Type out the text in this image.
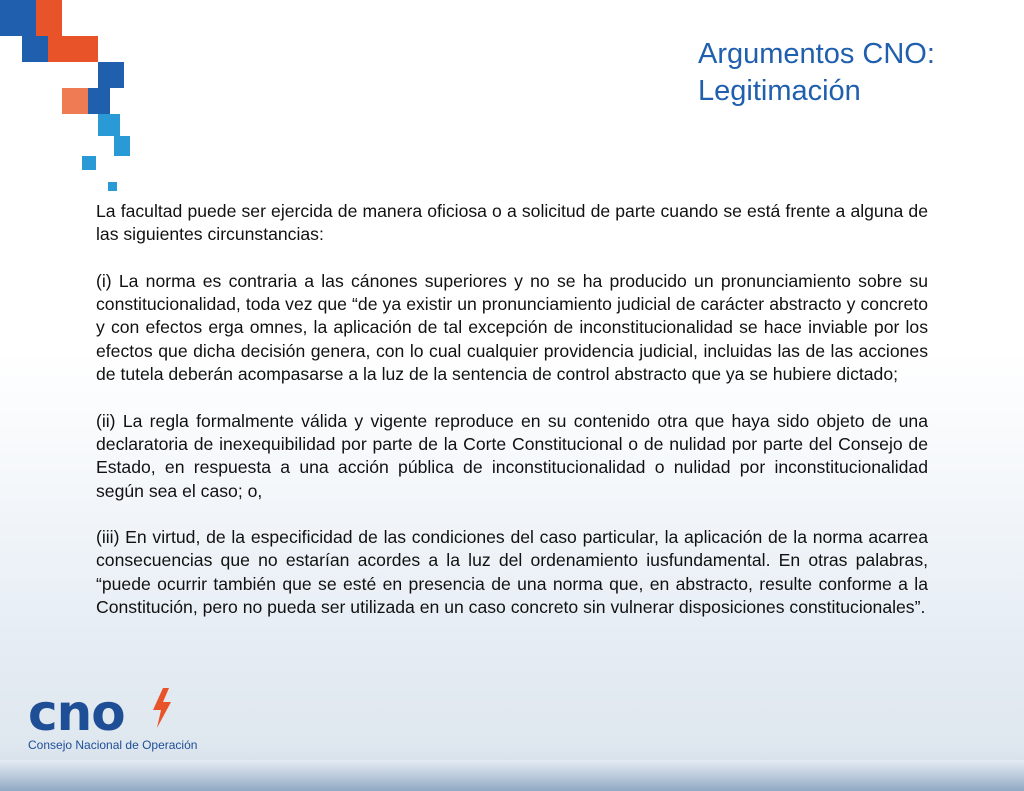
Argumentos CNO:
Legitimación

La facultad puede ser ejercida de manera oficiosa o a solicitud de parte cuando se está frente a alguna de las siguientes circunstancias:

(i) La norma es contraria a las cánones superiores y no se ha producido un pronunciamiento sobre su constitucionalidad, toda vez que “de ya existir un pronunciamiento judicial de carácter abstracto y concreto y con efectos erga omnes, la aplicación de tal excepción de inconstitucionalidad se hace inviable por los efectos que dicha decisión genera, con lo cual cualquier providencia judicial, incluidas las de las acciones de tutela deberán acompasarse a la luz de la sentencia de control abstracto que ya se hubiere dictado;

(ii) La regla formalmente válida y vigente reproduce en su contenido otra que haya sido objeto de una declaratoria de inexequibilidad por parte de la Corte Constitucional o de nulidad por parte del Consejo de Estado, en respuesta a una acción pública de inconstitucionalidad o nulidad por inconstitucionalidad según sea el caso; o,

(iii) En virtud, de la especificidad de las condiciones del caso particular, la aplicación de la norma acarrea consecuencias que no estarían acordes a la luz del ordenamiento iusfundamental. En otras palabras, “puede ocurrir también que se esté en presencia de una norma que, en abstracto, resulte conforme a la Constitución, pero no pueda ser utilizada en un caso concreto sin vulnerar disposiciones constitucionales”.

cno
Consejo Nacional de Operación
